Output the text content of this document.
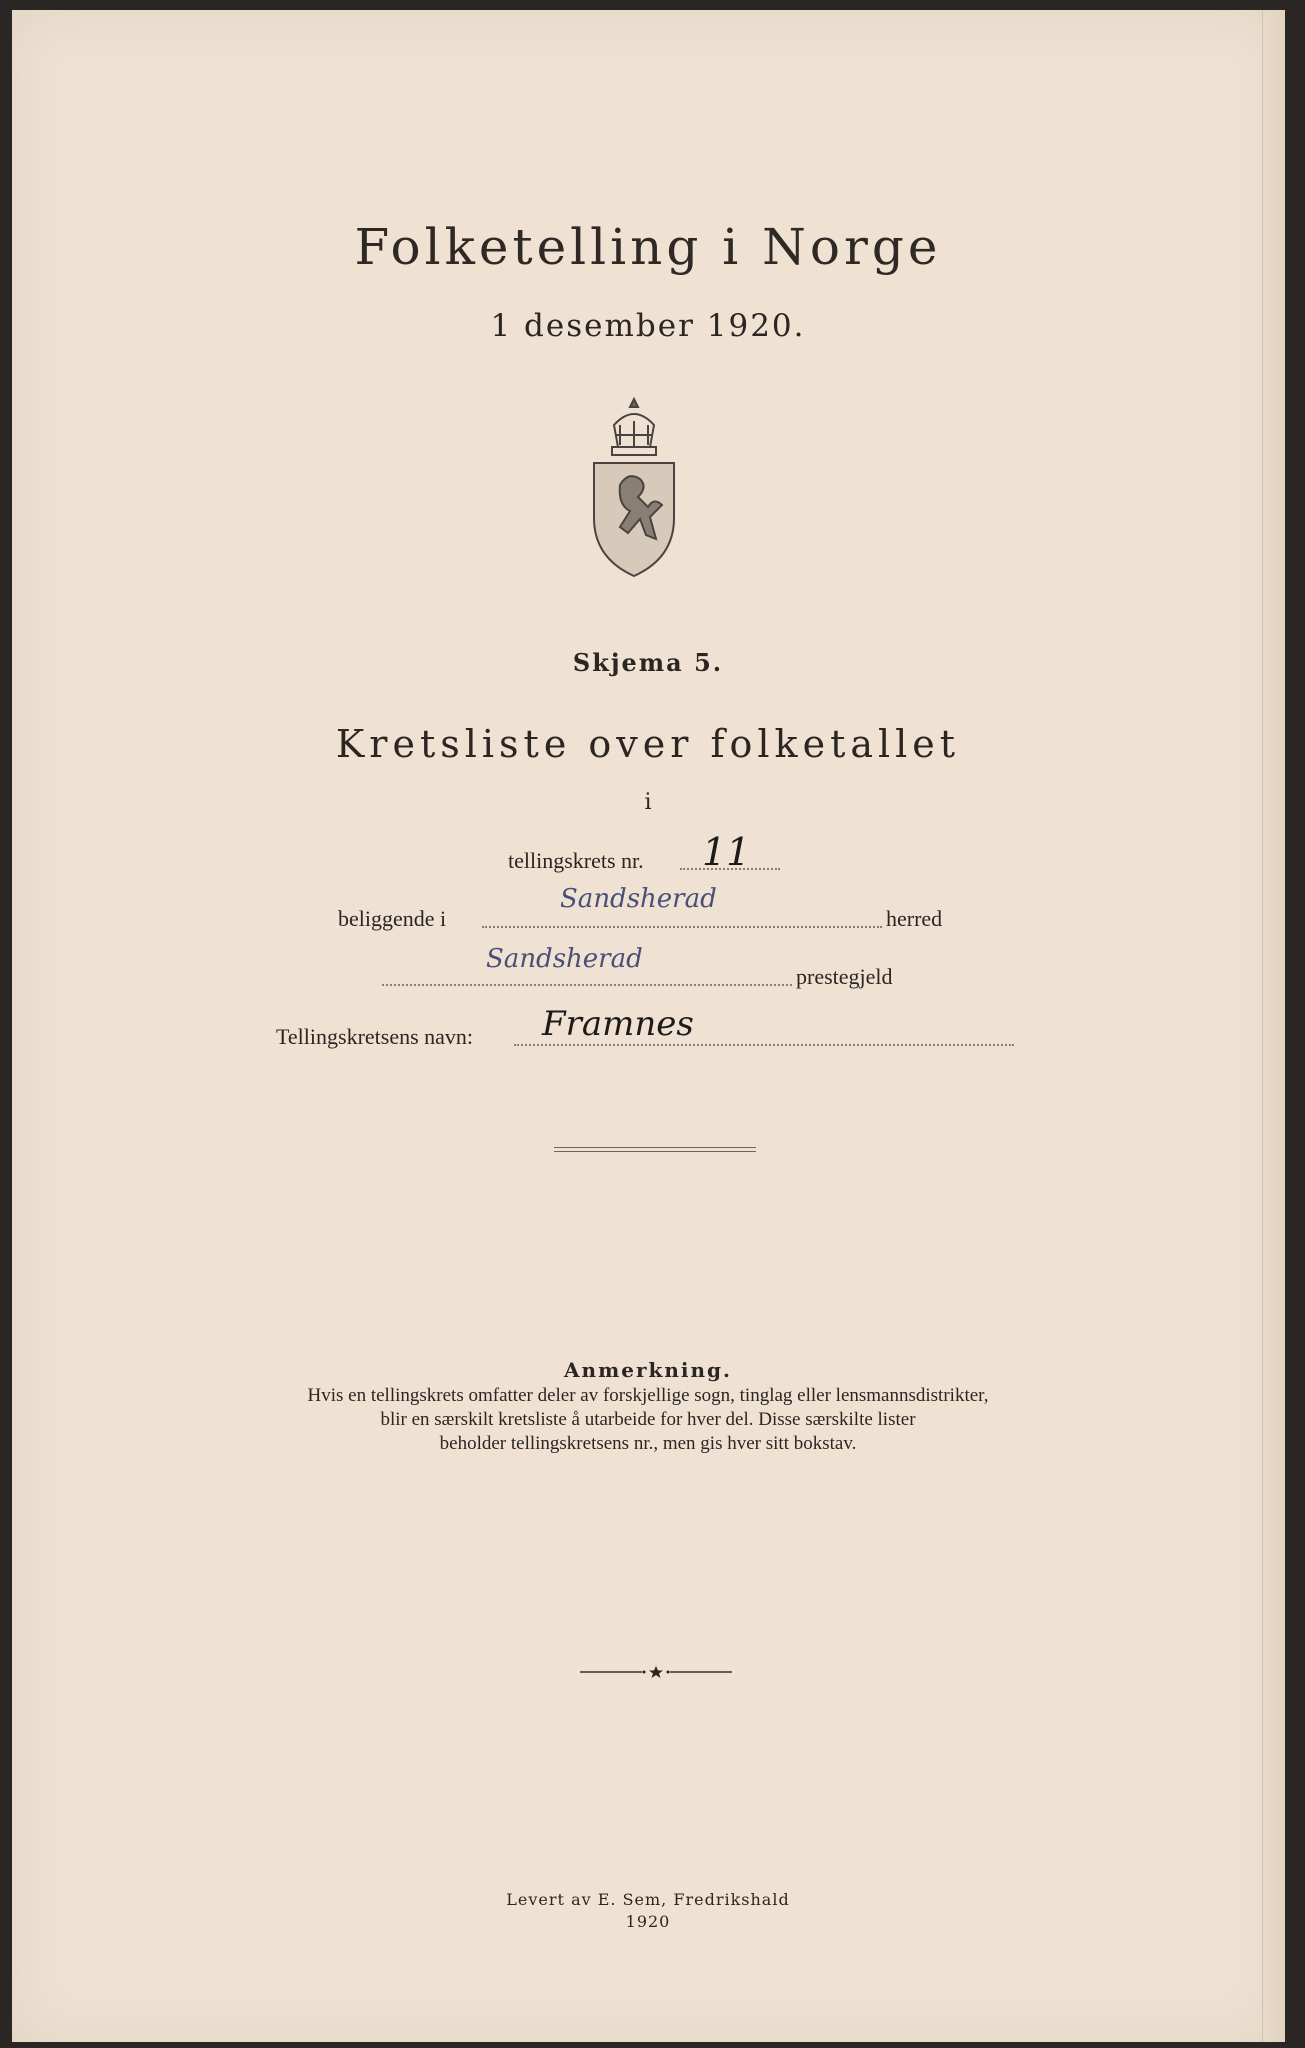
Folketelling i Norge
1 desember 1920.
Skjema 5.
Kretsliste over folketallet
i
tellingskrets nr. 11
beliggende i
Sandsherad
herred
Sandsherad
prestegjeld
Tellingskretsens navn: Framnes
Anmerkning.
Hvis en tellingskrets omfatter deler av forskjellige sogn, tinglag eller lensmannsdistrikter,
blir en særskilt kretsliste å utarbeide for hver del. Disse særskilte lister
beholder tellingskretsens nr., men gis hver sitt bokstav.
Levert av E. Sem, Fredrikshald
1920
